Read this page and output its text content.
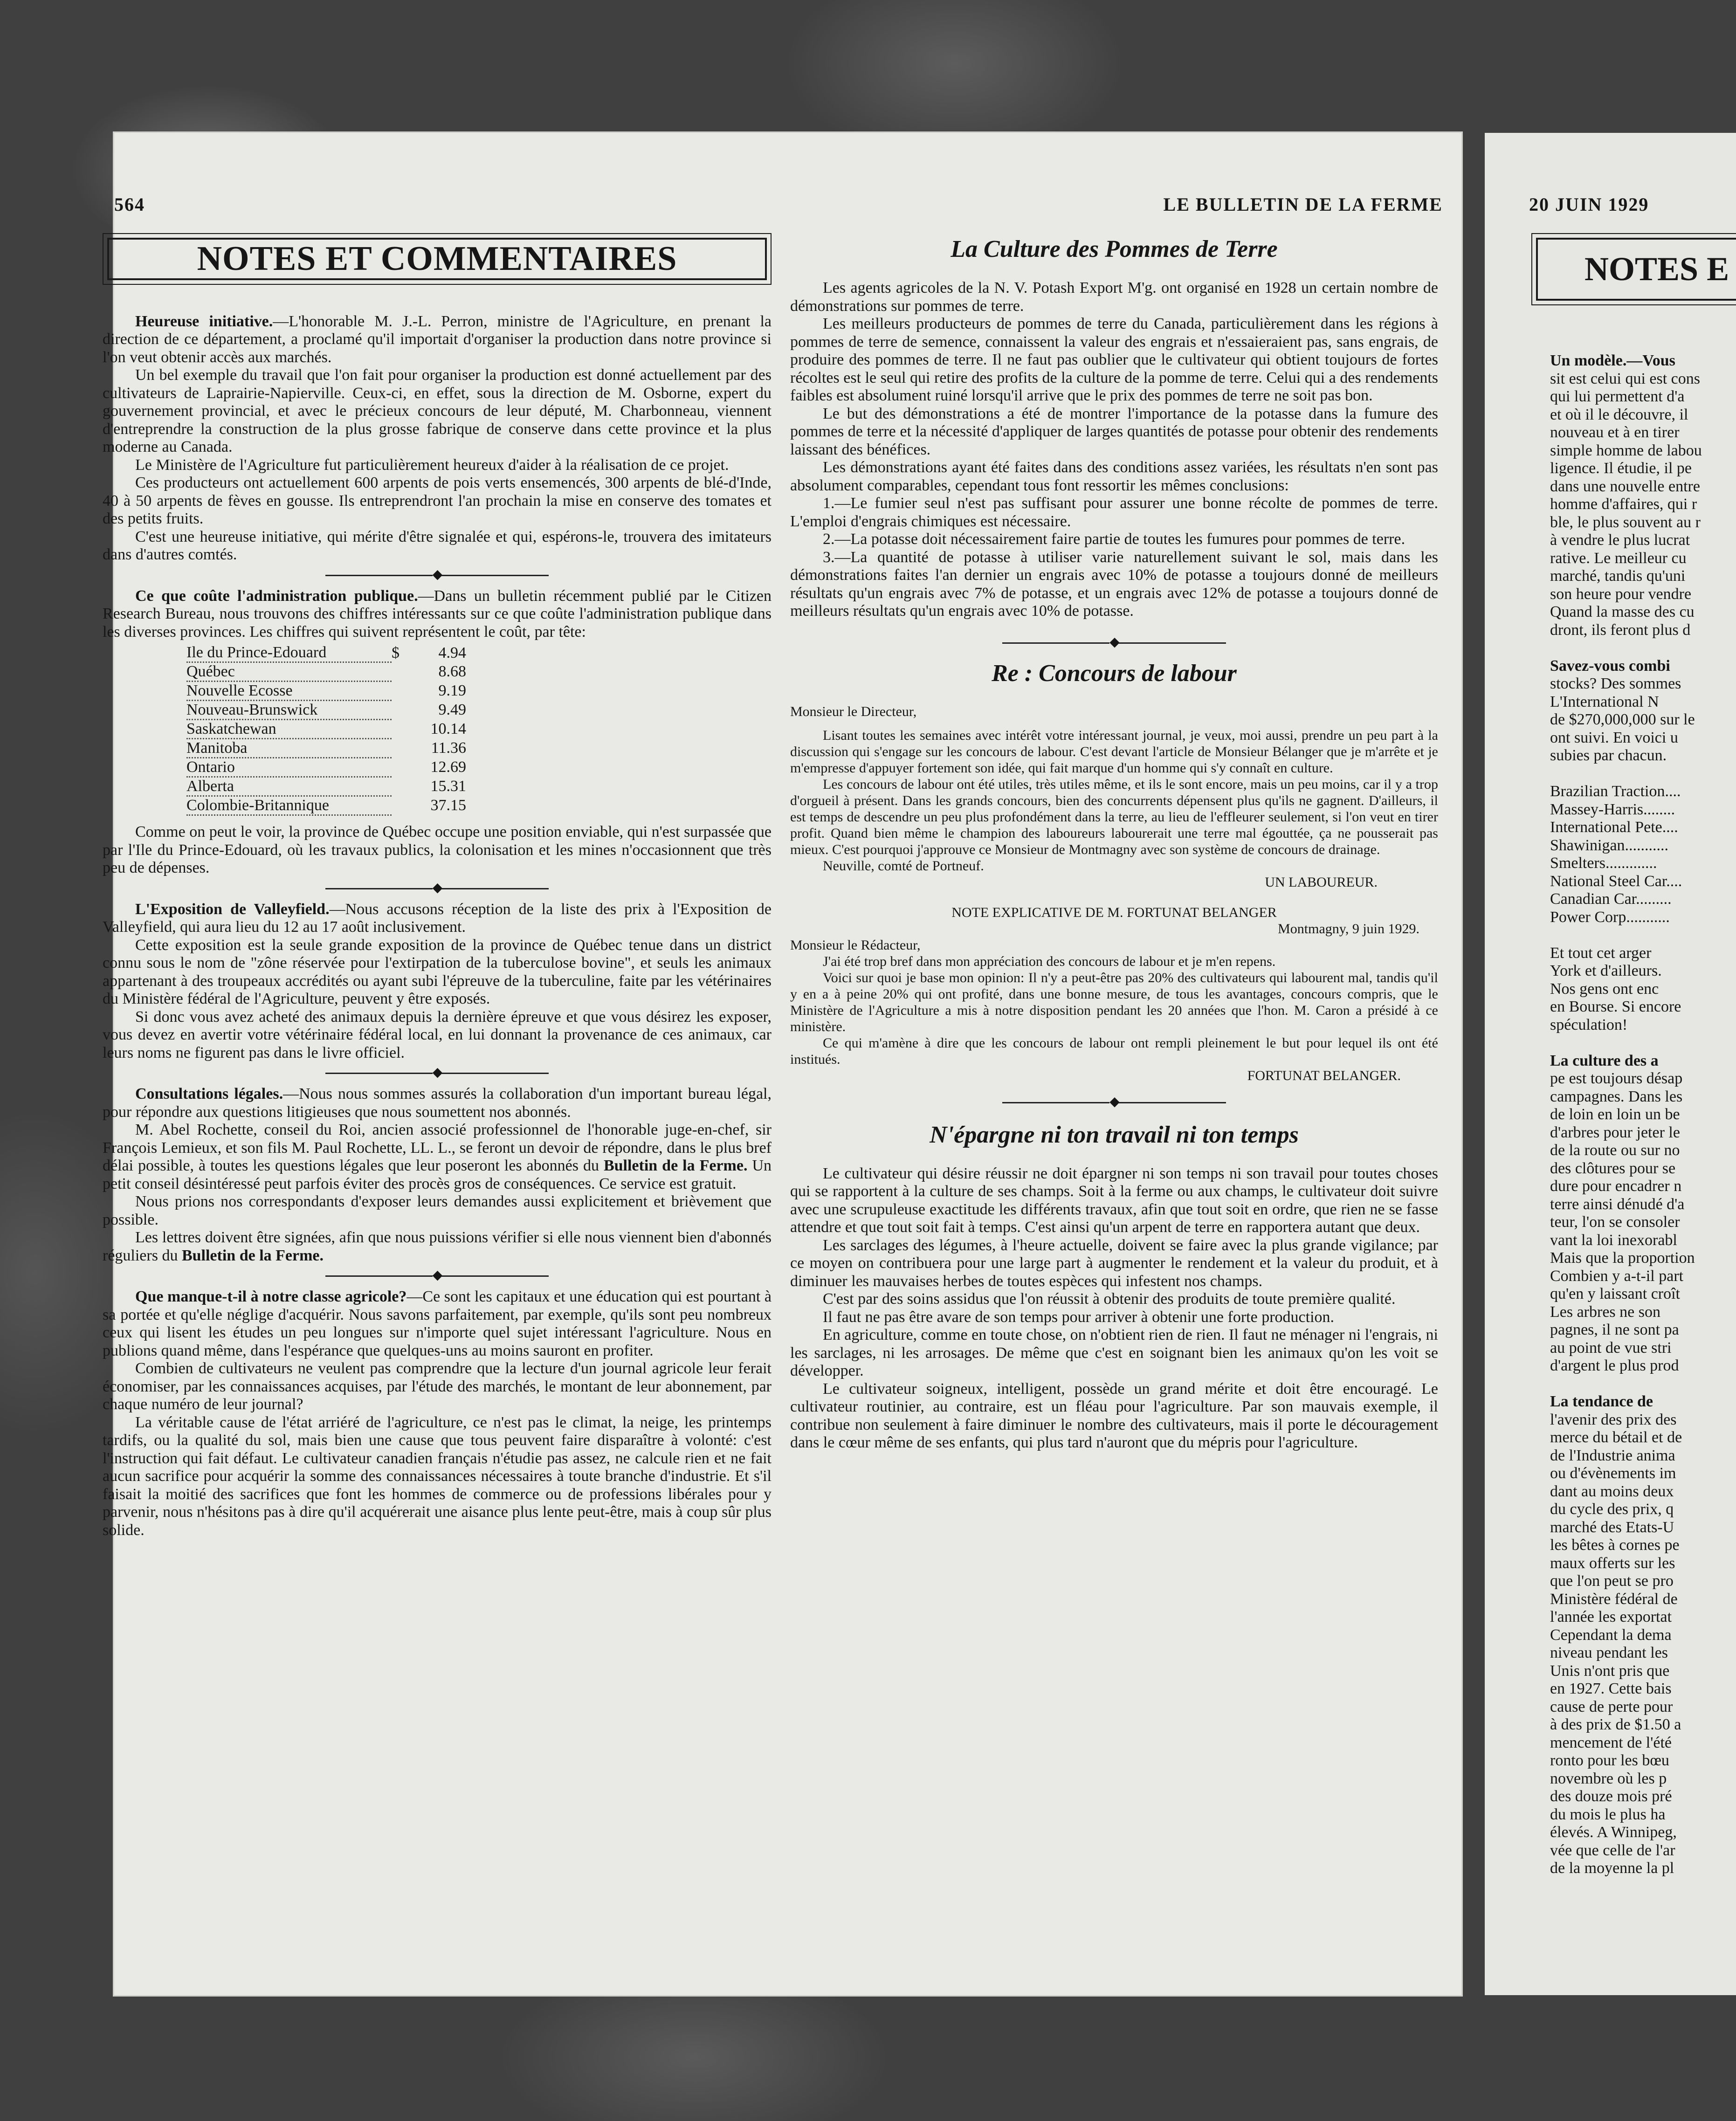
564	LE BULLETIN DE LA FERME
NOTES ET COMMENTAIRES

Heureuse initiative.—L'honorable M. J.-L. Perron, ministre de l'Agriculture, en prenant la direction de ce département, a proclamé qu'il importait d'organiser la production dans notre province si l'on veut obtenir accès aux marchés.

Un bel exemple du travail que l'on fait pour organiser la production est donné actuellement par des cultivateurs de Laprairie-Napierville. Ceux-ci, en effet, sous la direction de M. Osborne, expert du gouvernement provincial, et avec le précieux concours de leur député, M. Charbonneau, viennent d'entreprendre la construction de la plus grosse fabrique de conserve dans cette province et la plus moderne au Canada.

Le Ministère de l'Agriculture fut particulièrement heureux d'aider à la réalisation de ce projet.

Ces producteurs ont actuellement 600 arpents de pois verts ensemencés, 300 arpents de blé-d'Inde, 40 à 50 arpents de fèves en gousse. Ils entreprendront l'an prochain la mise en conserve des tomates et des petits fruits.

C'est une heureuse initiative, qui mérite d'être signalée et qui, espérons-le, trouvera des imitateurs dans d'autres comtés.

◆

Ce que coûte l'administration publique.—Dans un bulletin récemment publié par le Citizen Research Bureau, nous trouvons des chiffres intéressants sur ce que coûte l'administration publique dans les diverses provinces. Les chiffres qui suivent représentent le coût, par tête:

Ile du Prince-Edouard	$	4.94
Québec		8.68
Nouvelle Ecosse		9.19
Nouveau-Brunswick		9.49
Saskatchewan		10.14
Manitoba		11.36
Ontario		12.69
Alberta		15.31
Colombie-Britannique		37.15

Comme on peut le voir, la province de Québec occupe une position enviable, qui n'est surpassée que par l'Ile du Prince-Edouard, où les travaux publics, la colonisation et les mines n'occasionnent que très peu de dépenses.

◆

L'Exposition de Valleyfield.—Nous accusons réception de la liste des prix à l'Exposition de Valleyfield, qui aura lieu du 12 au 17 août inclusivement.

Cette exposition est la seule grande exposition de la province de Québec tenue dans un district connu sous le nom de "zône réservée pour l'extirpation de la tuberculose bovine", et seuls les animaux appartenant à des troupeaux accrédités ou ayant subi l'épreuve de la tuberculine, faite par les vétérinaires du Ministère fédéral de l'Agriculture, peuvent y être exposés.

Si donc vous avez acheté des animaux depuis la dernière épreuve et que vous désirez les exposer, vous devez en avertir votre vétérinaire fédéral local, en lui donnant la provenance de ces animaux, car leurs noms ne figurent pas dans le livre officiel.

◆

Consultations légales.—Nous nous sommes assurés la collaboration d'un important bureau légal, pour répondre aux questions litigieuses que nous soumettent nos abonnés.

M. Abel Rochette, conseil du Roi, ancien associé professionnel de l'honorable juge-en-chef, sir François Lemieux, et son fils M. Paul Rochette, LL. L., se feront un devoir de répondre, dans le plus bref délai possible, à toutes les questions légales que leur poseront les abonnés du Bulletin de la Ferme. Un petit conseil désintéressé peut parfois éviter des procès gros de conséquences. Ce service est gratuit.

Nous prions nos correspondants d'exposer leurs demandes aussi explicitement et brièvement que possible.

Les lettres doivent être signées, afin que nous puissions vérifier si elle nous viennent bien d'abonnés réguliers du Bulletin de la Ferme.

◆

Que manque-t-il à notre classe agricole?—Ce sont les capitaux et une éducation qui est pourtant à sa portée et qu'elle néglige d'acquérir. Nous savons parfaitement, par exemple, qu'ils sont peu nombreux ceux qui lisent les études un peu longues sur n'importe quel sujet intéressant l'agriculture. Nous en publions quand même, dans l'espérance que quelques-uns au moins sauront en profiter.

Combien de cultivateurs ne veulent pas comprendre que la lecture d'un journal agricole leur ferait économiser, par les connaissances acquises, par l'étude des marchés, le montant de leur abonnement, par chaque numéro de leur journal?

La véritable cause de l'état arriéré de l'agriculture, ce n'est pas le climat, la neige, les printemps tardifs, ou la qualité du sol, mais bien une cause que tous peuvent faire disparaître à volonté: c'est l'instruction qui fait défaut. Le cultivateur canadien français n'étudie pas assez, ne calcule rien et ne fait aucun sacrifice pour acquérir la somme des connaissances nécessaires à toute branche d'industrie. Et s'il faisait la moitié des sacrifices que font les hommes de commerce ou de professions libérales pour y parvenir, nous n'hésitons pas à dire qu'il acquérerait une aisance plus lente peut-être, mais à coup sûr plus solide.

La Culture des Pommes de Terre

Les agents agricoles de la N. V. Potash Export M'g. ont organisé en 1928 un certain nombre de démonstrations sur pommes de terre.

Les meilleurs producteurs de pommes de terre du Canada, particulièrement dans les régions à pommes de terre de semence, connaissent la valeur des engrais et n'essaieraient pas, sans engrais, de produire des pommes de terre. Il ne faut pas oublier que le cultivateur qui obtient toujours de fortes récoltes est le seul qui retire des profits de la culture de la pomme de terre. Celui qui a des rendements faibles est absolument ruiné lorsqu'il arrive que le prix des pommes de terre ne soit pas bon.

Le but des démonstrations a été de montrer l'importance de la potasse dans la fumure des pommes de terre et la nécessité d'appliquer de larges quantités de potasse pour obtenir des rendements laissant des bénéfices.

Les démonstrations ayant été faites dans des conditions assez variées, les résultats n'en sont pas absolument comparables, cependant tous font ressortir les mêmes conclusions:

1.—Le fumier seul n'est pas suffisant pour assurer une bonne récolte de pommes de terre. L'emploi d'engrais chimiques est nécessaire.

2.—La potasse doit nécessairement faire partie de toutes les fumures pour pommes de terre.

3.—La quantité de potasse à utiliser varie naturellement suivant le sol, mais dans les démonstrations faites l'an dernier un engrais avec 10% de potasse a toujours donné de meilleurs résultats qu'un engrais avec 7% de potasse, et un engrais avec 12% de potasse a toujours donné de meilleurs résultats qu'un engrais avec 10% de potasse.

◆
Re : Concours de labour

Monsieur le Directeur,

Lisant toutes les semaines avec intérêt votre intéressant journal, je veux, moi aussi, prendre un peu part à la discussion qui s'engage sur les concours de labour. C'est devant l'article de Monsieur Bélanger que je m'arrête et je m'empresse d'appuyer fortement son idée, qui fait marque d'un homme qui s'y connaît en culture.

Les concours de labour ont été utiles, très utiles même, et ils le sont encore, mais un peu moins, car il y a trop d'orgueil à présent. Dans les grands concours, bien des concurrents dépensent plus qu'ils ne gagnent. D'ailleurs, il est temps de descendre un peu plus profondément dans la terre, au lieu de l'effleurer seulement, si l'on veut en tirer profit. Quand bien même le champion des laboureurs labourerait une terre mal égouttée, ça ne pousserait pas mieux. C'est pourquoi j'approuve ce Monsieur de Montmagny avec son système de concours de drainage.

Neuville, comté de Portneuf.

UN LABOUREUR.

NOTE EXPLICATIVE DE M. FORTUNAT BELANGER

Montmagny, 9 juin 1929.

Monsieur le Rédacteur,

J'ai été trop bref dans mon appréciation des concours de labour et je m'en repens.

Voici sur quoi je base mon opinion: Il n'y a peut-être pas 20% des cultivateurs qui labourent mal, tandis qu'il y en a à peine 20% qui ont profité, dans une bonne mesure, de tous les avantages, concours compris, que le Ministère de l'Agriculture a mis à notre disposition pendant les 20 années que l'hon. M. Caron a présidé à ce ministère.

Ce qui m'amène à dire que les concours de labour ont rempli pleinement le but pour lequel ils ont été institués.

FORTUNAT BELANGER.

◆
N'épargne ni ton travail ni ton temps

Le cultivateur qui désire réussir ne doit épargner ni son temps ni son travail pour toutes choses qui se rapportent à la culture de ses champs. Soit à la ferme ou aux champs, le cultivateur doit suivre avec une scrupuleuse exactitude les différents travaux, afin que tout soit en ordre, que rien ne se fasse attendre et que tout soit fait à temps. C'est ainsi qu'un arpent de terre en rapportera autant que deux.

Les sarclages des légumes, à l'heure actuelle, doivent se faire avec la plus grande vigilance; par ce moyen on contribuera pour une large part à augmenter le rendement et la valeur du produit, et à diminuer les mauvaises herbes de toutes espèces qui infestent nos champs.

C'est par des soins assidus que l'on réussit à obtenir des produits de toute première qualité.

Il faut ne pas être avare de son temps pour arriver à obtenir une forte production.

En agriculture, comme en toute chose, on n'obtient rien de rien. Il faut ne ménager ni l'engrais, ni les sarclages, ni les arrosages. De même que c'est en soignant bien les animaux qu'on les voit se développer.

Le cultivateur soigneux, intelligent, possède un grand mérite et doit être encouragé. Le cultivateur routinier, au contraire, est un fléau pour l'agriculture. Par son mauvais exemple, il contribue non seulement à faire diminuer le nombre des cultivateurs, mais il porte le découragement dans le cœur même de ses enfants, qui plus tard n'auront que du mépris pour l'agriculture.

20 JUIN 1929
NOTES E
Un modèle.—Vous
sit est celui qui est cons
qui lui permettent d'a
et où il le découvre, il
nouveau et à en tirer
simple homme de labou
ligence. Il étudie, il pe
dans une nouvelle entre
homme d'affaires, qui r
ble, le plus souvent au r
à vendre le plus lucrat
rative. Le meilleur cu
marché, tandis qu'uni
son heure pour vendre
Quand la masse des cu
dront, ils feront plus d

Savez-vous combi
stocks? Des sommes
L'International N
de $270,000,000 sur le
ont suivi. En voici u
subies par chacun.

Brazilian Traction....
Massey-Harris........
International Pete....
Shawinigan...........
Smelters.............
National Steel Car....
Canadian Car.........
Power Corp...........

Et tout cet arger
York et d'ailleurs.
Nos gens ont enc
en Bourse. Si encore
spéculation!

La culture des a
pe est toujours désap
campagnes. Dans les
de loin en loin un be
d'arbres pour jeter le
de la route ou sur no
des clôtures pour se
dure pour encadrer n
terre ainsi dénudé d'a
teur, l'on se consoler
vant la loi inexorabl
Mais que la proportion
Combien y a-t-il part
qu'en y laissant croît
Les arbres ne son
pagnes, il ne sont pa
au point de vue stri
d'argent le plus prod

La tendance de
l'avenir des prix des
merce du bétail et de
de l'Industrie anima
ou d'évènements im
dant au moins deux
du cycle des prix, q
marché des Etats-U
les bêtes à cornes pe
maux offerts sur les
que l'on peut se pro
Ministère fédéral de
l'année les exportat
Cependant la dema
niveau pendant les
Unis n'ont pris que
en 1927. Cette bais
cause de perte pour
à des prix de $1.50 a
mencement de l'été
ronto pour les bœu
novembre où les p
des douze mois pré
du mois le plus ha
élevés. A Winnipeg,
vée que celle de l'ar
de la moyenne la pl
